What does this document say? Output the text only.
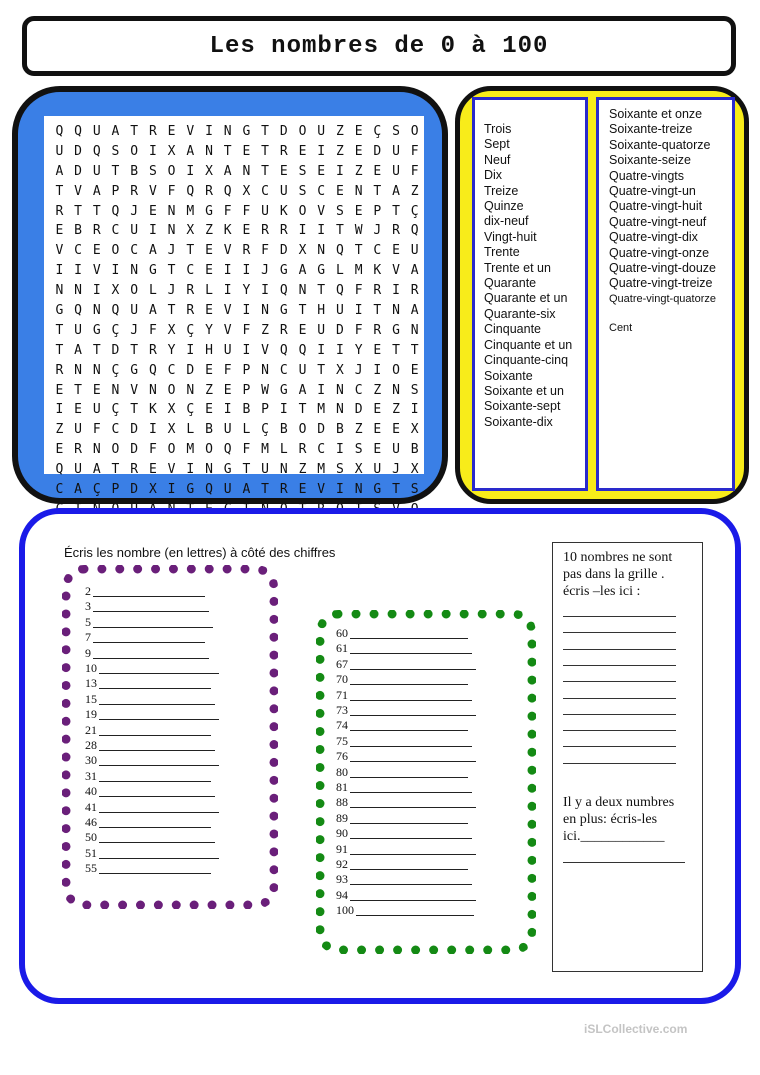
Les nombres de 0 à 100
Q Q U A T R E V I N G T D O U Z E Ç S O
U D Q S O I X A N T E T R E I Z E D U F
A D U T B S O I X A N T E S E I Z E U F
T V A P R V F Q R Q X C U S C E N T A Z
R T T Q J E N M G F F U K O V S E P T Ç
E B R C U I N X Z K E R R I I T W J R Q
V C E O C A J T E V R F D X N Q T C E U
I I V I N G T C E I I J G A G L M K V A
N N I X O L J R L I Y I Q N T Q F R I R
G Q N Q U A T R E V I N G T H U I T N A
T U G Ç J F X Ç Y V F Z R E U D F R G N
T A T D T R Y I H U I V Q Q I I Y E T T
R N N Ç G Q C D E F P N C U T X J I O E
E T E N V N O N Z E P W G A I N C Z N S
I E U Ç T K X Ç E I B P I T M N D E Z I
Z U F C D I X L B U L Ç B O D B Z E E X
E R N O D F O M O Q F M L R C I S E U B
Q U A T R E V I N G T U N Z M S X U J X
C A Ç P D X I G Q U A T R E V I N G T S
Trois
Sept
Neuf
Dix
Treize
Quinze
dix-neuf
Vingt-huit
Trente
Trente et un
Quarante
Quarante et un
Quarante-six
Cinquante
Cinquante et un
Cinquante-cinq
Soixante
Soixante et un
Soixante-sept
Soixante-dix
Soixante et onze
Soixante-treize
Soixante-quatorze
Soixante-seize
Quatre-vingts
Quatre-vingt-un
Quatre-vingt-huit
Quatre-vingt-neuf
Quatre-vingt-dix
Quatre-vingt-onze
Quatre-vingt-douze
Quatre-vingt-treize
Quatre-vingt-quatorze
Cent
Écris les nombre (en lettres) à côté des chiffres
2
3
5
7
9
10
13
15
19
21
28
30
31
40
41
46
50
51
55
60
61
67
70
71
73
74
75
76
80
81
88
89
90
91
92
93
94
100
10 nombres ne sont
pas dans la grille .
écris –les ici :
Il y a deux numbres
en plus: écris-les
ici.____________
iSLCollective.com
